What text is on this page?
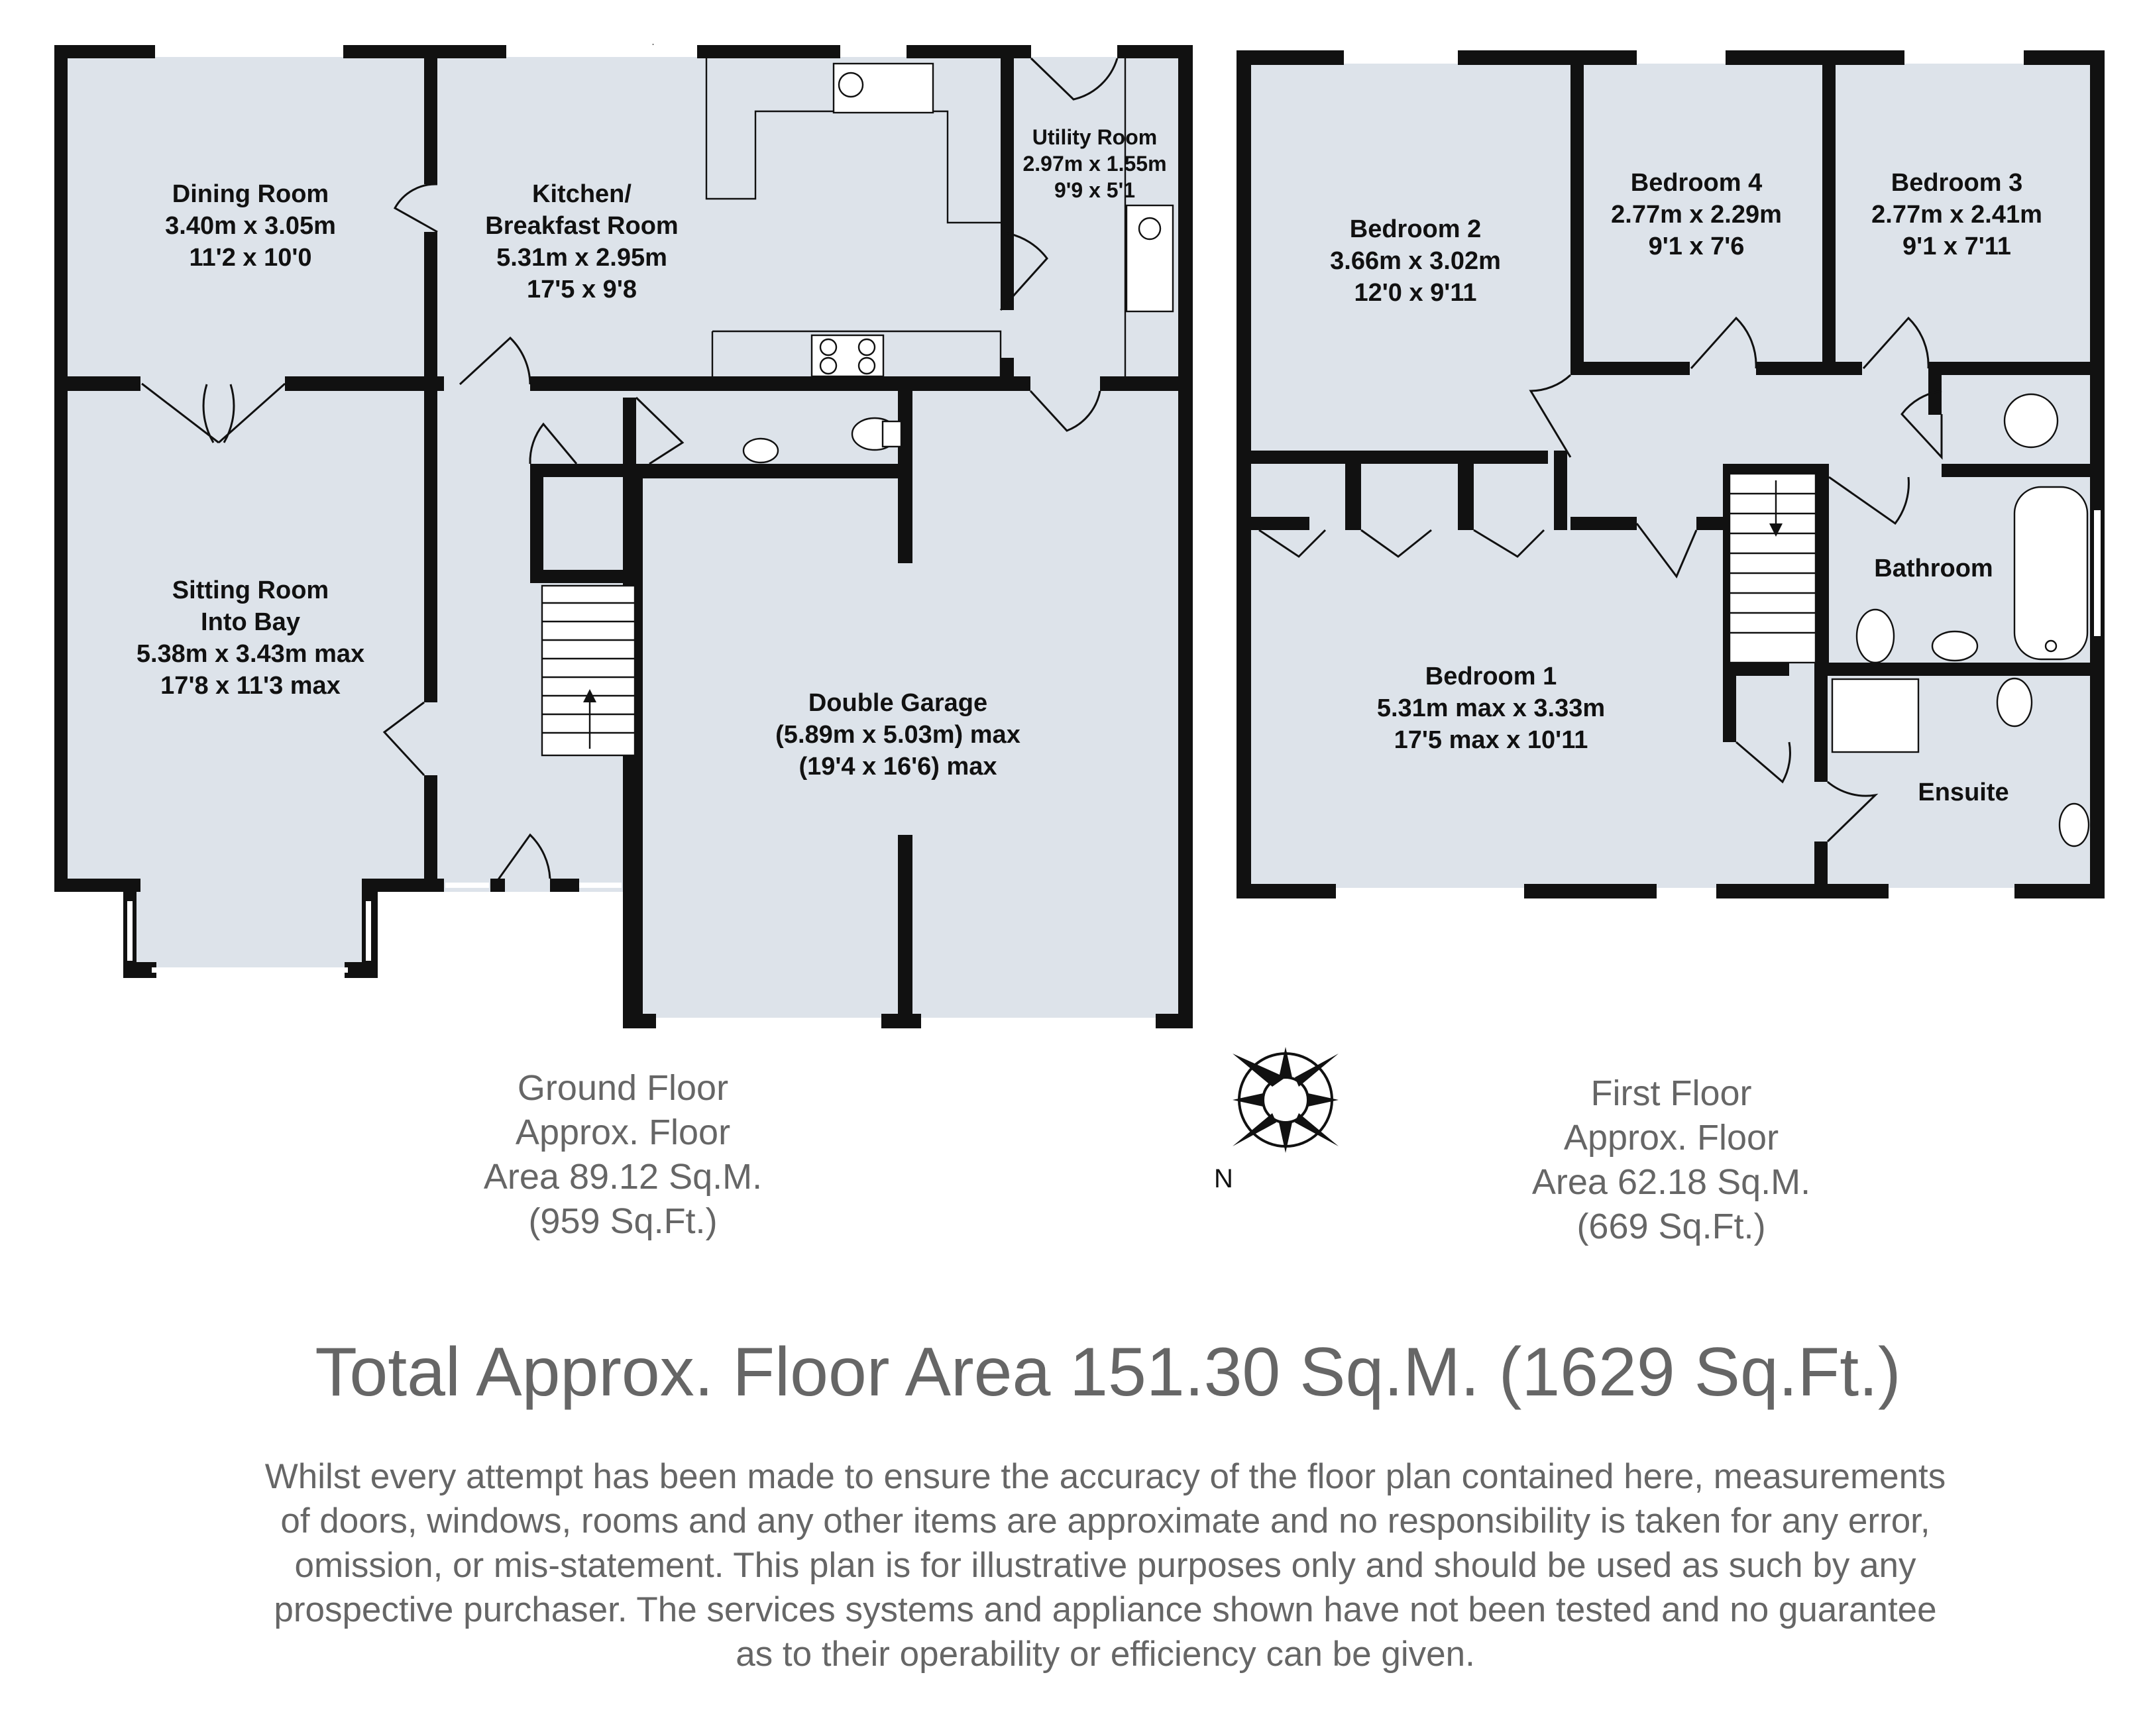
N
Dining Room
3.40m x 3.05m
11'2 x 10'0
Kitchen/
Breakfast Room
5.31m x 2.95m
17'5 x 9'8
Utility Room
2.97m x 1.55m
9'9 x 5'1
Sitting Room
Into Bay
5.38m x 3.43m max
17'8 x 11'3 max
Double Garage
(5.89m x 5.03m) max
(19'4 x 16'6) max
Bedroom 2
3.66m x 3.02m
12'0 x 9'11
Bedroom 4
2.77m x 2.29m
9'1 x 7'6
Bedroom 3
2.77m x 2.41m
9'1 x 7'11
Bedroom 1
5.31m max x 3.33m
17'5 max x 10'11
Bathroom
Ensuite
Ground Floor
Approx. Floor
Area 89.12 Sq.M.
(959 Sq.Ft.)
First Floor
Approx. Floor
Area 62.18 Sq.M.
(669 Sq.Ft.)
Total Approx. Floor Area 151.30 Sq.M. (1629 Sq.Ft.)
Whilst every attempt has been made to ensure the accuracy of the floor plan contained here, measurements
of doors, windows, rooms and any other items are approximate and no responsibility is taken for any error,
omission, or mis-statement. This plan is for illustrative purposes only and should be used as such by any
prospective purchaser. The services systems and appliance shown have not been tested and no guarantee
as to their operability or efficiency can be given.
